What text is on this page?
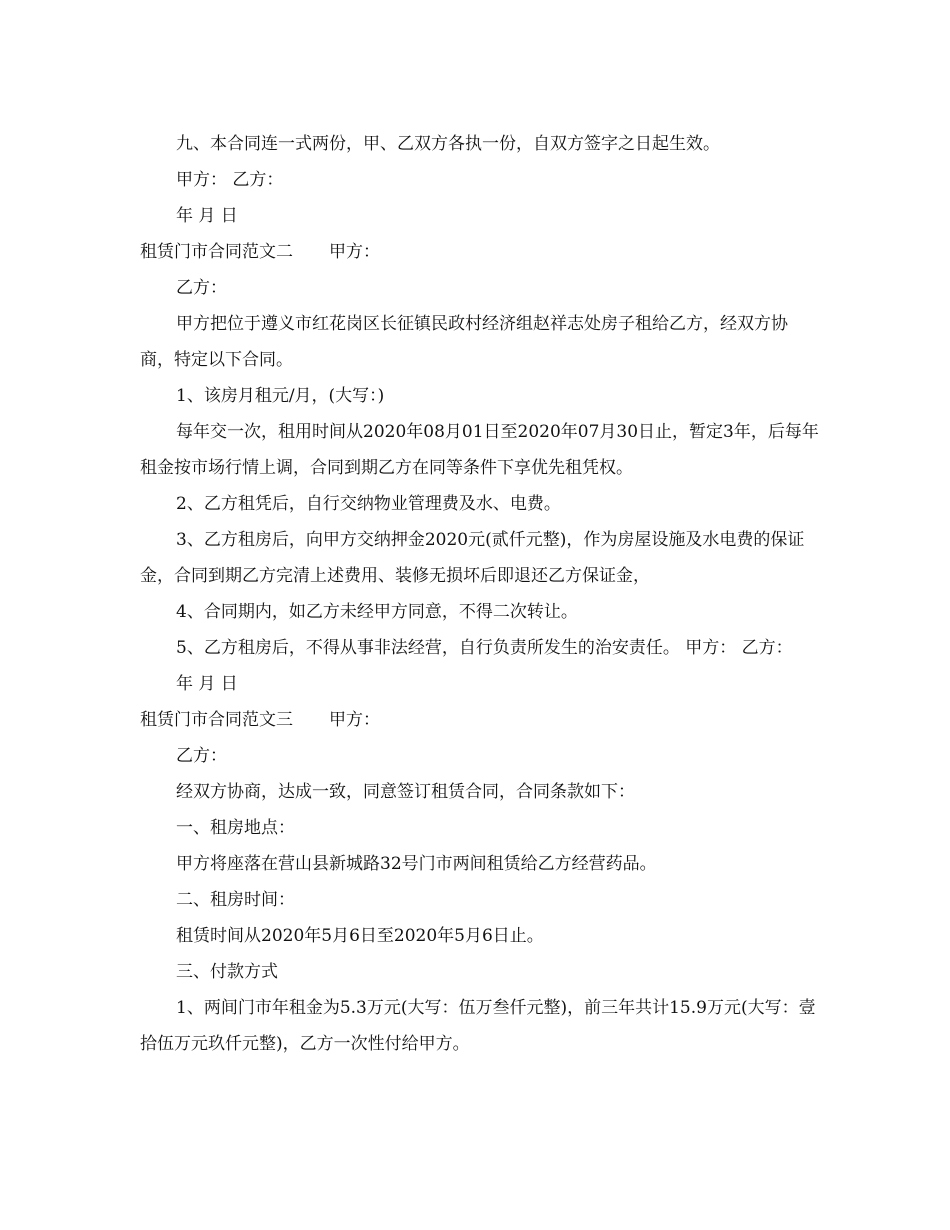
九、本合同连一式两份，甲、乙双方各执一份，自双方签字之日起生效。

甲方： 乙方：

年 月 日

租赁门市合同范文二 甲方：

乙方：

甲方把位于遵义市红花岗区长征镇民政村经济组赵祥志处房子租给乙方，经双方协商，特定以下合同。

1、该房月租元/月，(大写：)

每年交一次，租用时间从2020年08月01日至2020年07月30日止，暂定3年，后每年租金按市场行情上调，合同到期乙方在同等条件下享优先租凭权。

2、乙方租凭后，自行交纳物业管理费及水、电费。

3、乙方租房后，向甲方交纳押金2020元(贰仟元整)，作为房屋设施及水电费的保证金，合同到期乙方完清上述费用、装修无损坏后即退还乙方保证金，

4、合同期内，如乙方未经甲方同意，不得二次转让。

5、乙方租房后，不得从事非法经营，自行负责所发生的治安责任。 甲方： 乙方：

年 月 日

租赁门市合同范文三 甲方：

乙方：

经双方协商，达成一致，同意签订租赁合同，合同条款如下：

一、租房地点：

甲方将座落在营山县新城路32号门市两间租赁给乙方经营药品。

二、租房时间：

租赁时间从2020年5月6日至2020年5月6日止。

三、付款方式

1、两间门市年租金为5.3万元(大写：伍万叁仟元整)，前三年共计15.9万元(大写：壹拾伍万元玖仟元整)，乙方一次性付给甲方。
